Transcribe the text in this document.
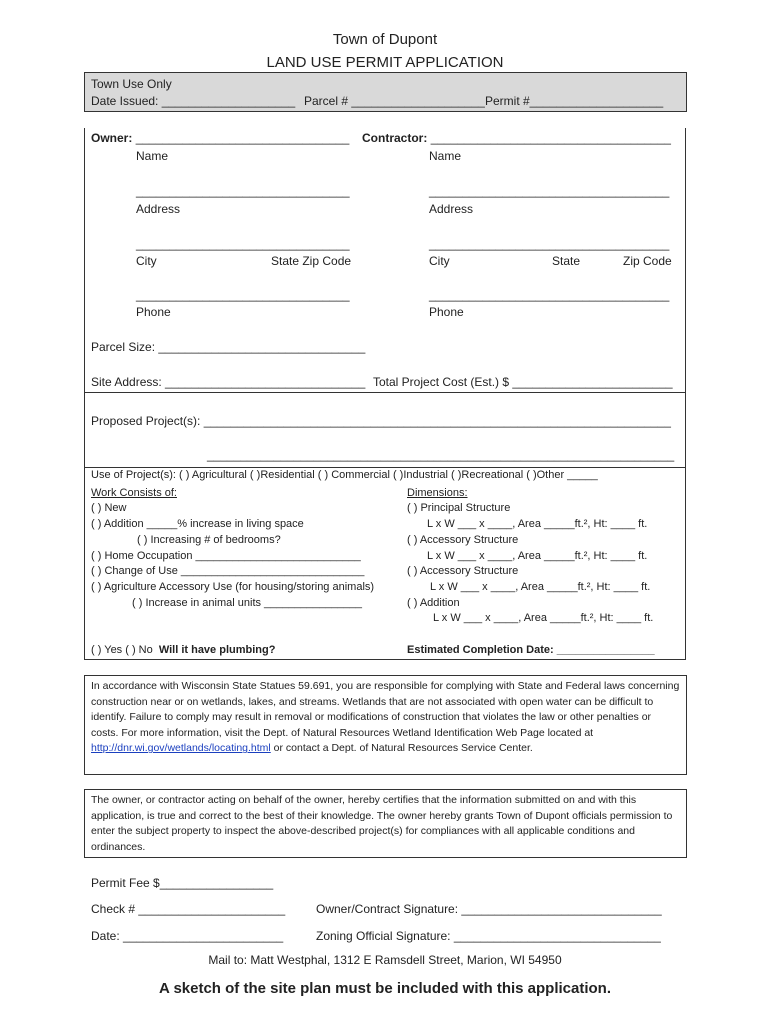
Town of Dupont
LAND USE PERMIT APPLICATION
Town Use Only
Date Issued: ____________________ Parcel # ____________________ Permit #____________________
Owner: ________________________________
Name
________________________________
Address
________________________________
City	State Zip Code
________________________________
Phone
Contractor: ____________________________________
Name
____________________________________
Address
____________________________________
City	State	Zip Code
____________________________________
Phone
Parcel Size: _______________________________
Site Address: ______________________________ Total Project Cost (Est.) $ ________________________
Proposed Project(s): ______________________________________________________________________
______________________________________________________________________
Use of Project(s): ( ) Agricultural ( )Residential ( ) Commercial ( )Industrial ( )Recreational ( )Other _____
Work Consists of:
( ) New
( ) Addition _____% increase in living space
( ) Increasing # of bedrooms?
( ) Home Occupation ___________________________
( ) Change of Use ______________________________
( ) Agriculture Accessory Use (for housing/storing animals)
( ) Increase in animal units ________________
Dimensions:
( ) Principal Structure
L x W ___ x ____, Area _____ft.², Ht: ____ ft.
( ) Accessory Structure
L x W ___ x ____, Area _____ft.², Ht: ____ ft.
( ) Accessory Structure
L x W ___ x ____, Area _____ft.², Ht: ____ ft.
( ) Addition
L x W ___ x ____, Area _____ft.², Ht: ____ ft.
( ) Yes ( ) No Will it have plumbing?	Estimated Completion Date: ________________
In accordance with Wisconsin State Statues 59.691, you are responsible for complying with State and Federal laws concerning construction near or on wetlands, lakes, and streams. Wetlands that are not associated with open water can be difficult to identify. Failure to comply may result in removal or modifications of construction that violates the law or other penalties or costs. For more information, visit the Dept. of Natural Resources Wetland Identification Web Page located at http://dnr.wi.gov/wetlands/locating.html or contact a Dept. of Natural Resources Service Center.
The owner, or contractor acting on behalf of the owner, hereby certifies that the information submitted on and with this application, is true and correct to the best of their knowledge. The owner hereby grants Town of Dupont officials permission to enter the subject property to inspect the above-described project(s) for compliances with all applicable conditions and ordinances.
Permit Fee $_________________
Check # ______________________	Owner/Contract Signature: ______________________________
Date: ________________________	Zoning Official Signature: _______________________________
Mail to: Matt Westphal, 1312 E Ramsdell Street, Marion, WI 54950
A sketch of the site plan must be included with this application.
